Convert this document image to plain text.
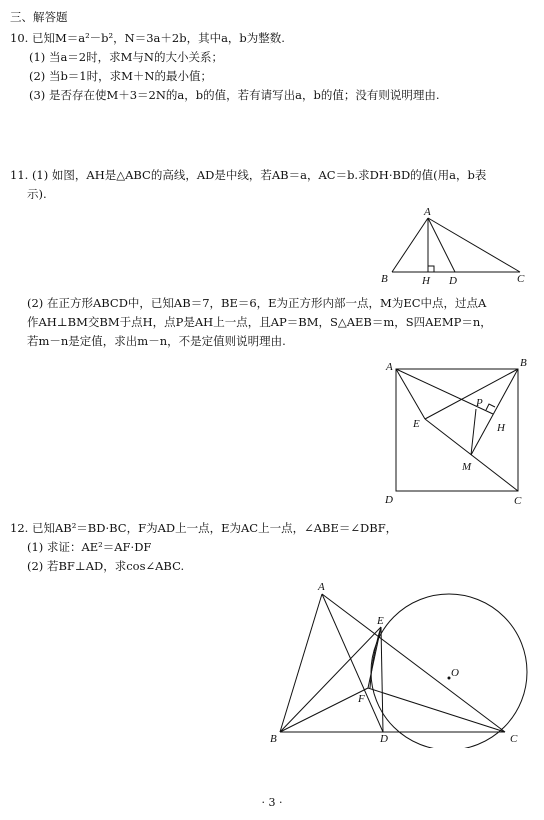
三、解答题
10. 已知M＝a²－b²，N＝3a＋2b，其中a，b为整数.
(1) 当a＝2时，求M与N的大小关系；
(2) 当b＝1时，求M＋N的最小值；
(3) 是否存在使M＋3＝2N的a，b的值，若有请写出a，b的值；没有则说明理由.
11. (1) 如图，AH是△ABC的高线，AD是中线，若AB＝a，AC＝b.求DH·BD的值(用a，b表
示).
A
B	H D	C
(2) 在正方形ABCD中，已知AB＝7，BE＝6，E为正方形内部一点，M为EC中点，过点A
作AH⊥BM交BM于点H，点P是AH上一点，且AP＝BM，S△AEB＝m，S四AEMP＝n，
若m－n是定值，求出m－n，不是定值则说明理由.
A	B
C
D
E
P
H
M
12. 已知AB²＝BD·BC，F为AD上一点，E为AC上一点，∠ABE＝∠DBF，
(1) 求证：AE²＝AF·DF
(2) 若BF⊥AD，求cos∠ABC.
A
E
O
F
B	D	C
· 3 ·
